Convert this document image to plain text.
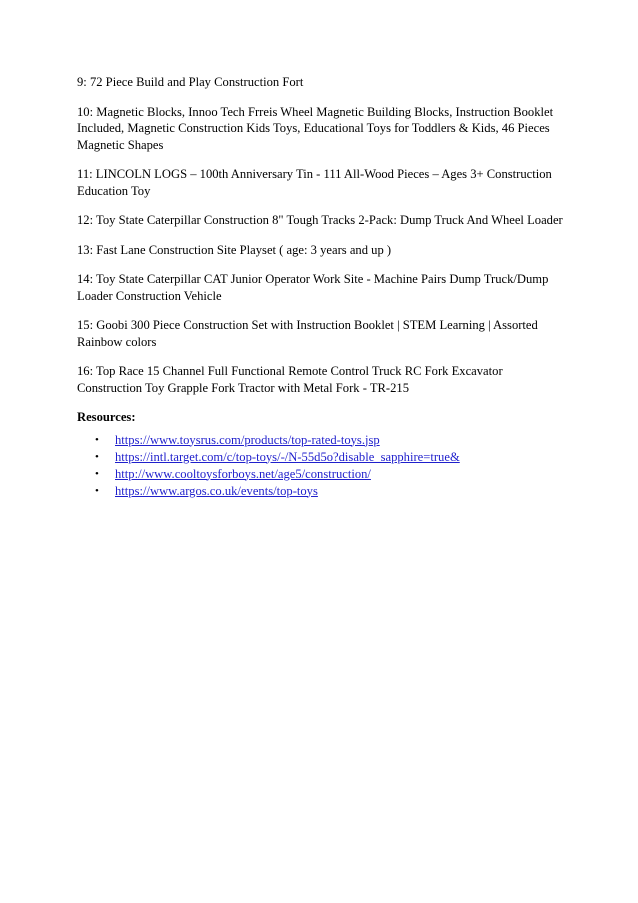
9: 72 Piece Build and Play Construction Fort

10: Magnetic Blocks, Innoo Tech Frreis Wheel Magnetic Building Blocks, Instruction Booklet Included, Magnetic Construction Kids Toys, Educational Toys for Toddlers & Kids, 46 Pieces Magnetic Shapes

11: LINCOLN LOGS – 100th Anniversary Tin - 111 All-Wood Pieces – Ages 3+ Construction Education Toy

12: Toy State Caterpillar Construction 8" Tough Tracks 2-Pack: Dump Truck And Wheel Loader

13: Fast Lane Construction Site Playset ( age: 3 years and up )

14: Toy State Caterpillar CAT Junior Operator Work Site - Machine Pairs Dump Truck/Dump Loader Construction Vehicle

15: Goobi 300 Piece Construction Set with Instruction Booklet | STEM Learning | Assorted Rainbow colors

16: Top Race 15 Channel Full Functional Remote Control Truck RC Fork Excavator Construction Toy Grapple Fork Tractor with Metal Fork - TR-215

Resources:

• https://www.toysrus.com/products/top-rated-toys.jsp
• https://intl.target.com/c/top-toys/-/N-55d5o?disable_sapphire=true&
• http://www.cooltoysforboys.net/age5/construction/
• https://www.argos.co.uk/events/top-toys
